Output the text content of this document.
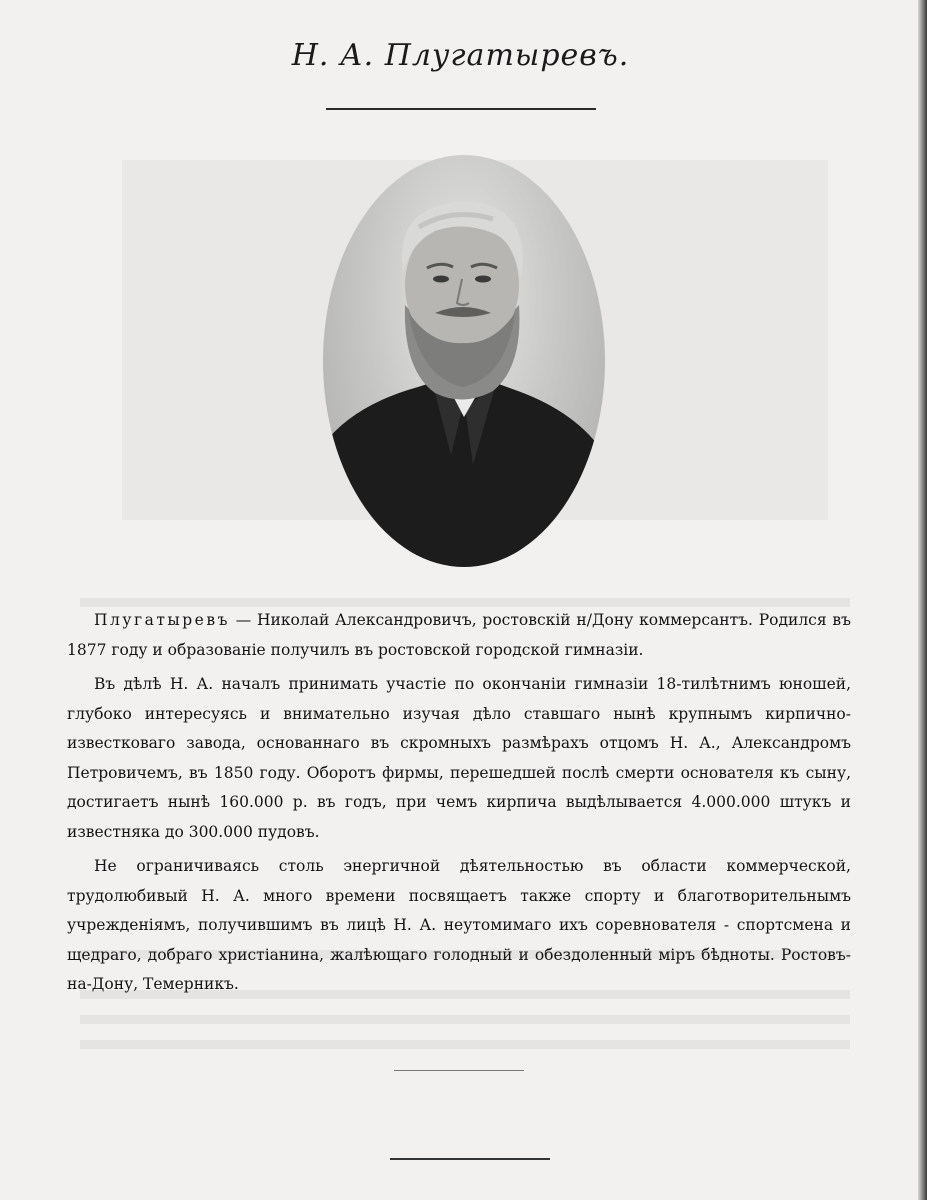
Н. А. Плугатыревъ.

Плугатыревъ — Николай Александровичъ, ростовскій н/Дону коммерсантъ. Родился въ 1877 году и образованіе получилъ въ ростовской городской гимназіи.

Въ дѣлѣ Н. А. началъ принимать участіе по окончаніи гимназіи 18-тилѣтнимъ юношей, глубоко интересуясь и внимательно изучая дѣло ставшаго нынѣ крупнымъ кирпично-известковаго завода, основаннаго въ скромныхъ размѣрахъ отцомъ Н. А., Александромъ Петровичемъ, въ 1850 году. Оборотъ фирмы, перешедшей послѣ смерти основателя къ сыну, достигаетъ нынѣ 160.000 р. въ годъ, при чемъ кирпича выдѣлывается 4.000.000 штукъ и известняка до 300.000 пудовъ.

Не ограничиваясь столь энергичной дѣятельностью въ области коммерческой, трудолюбивый Н. А. много времени посвящаетъ также спорту и благотворительнымъ учрежденіямъ, получившимъ въ лицѣ Н. А. неутомимаго ихъ соревнователя - спортсмена и щедраго, добраго христіанина, жалѣющаго голодный и обездоленный міръ бѣдноты. Ростовъ-на-Дону, Темерникъ.
